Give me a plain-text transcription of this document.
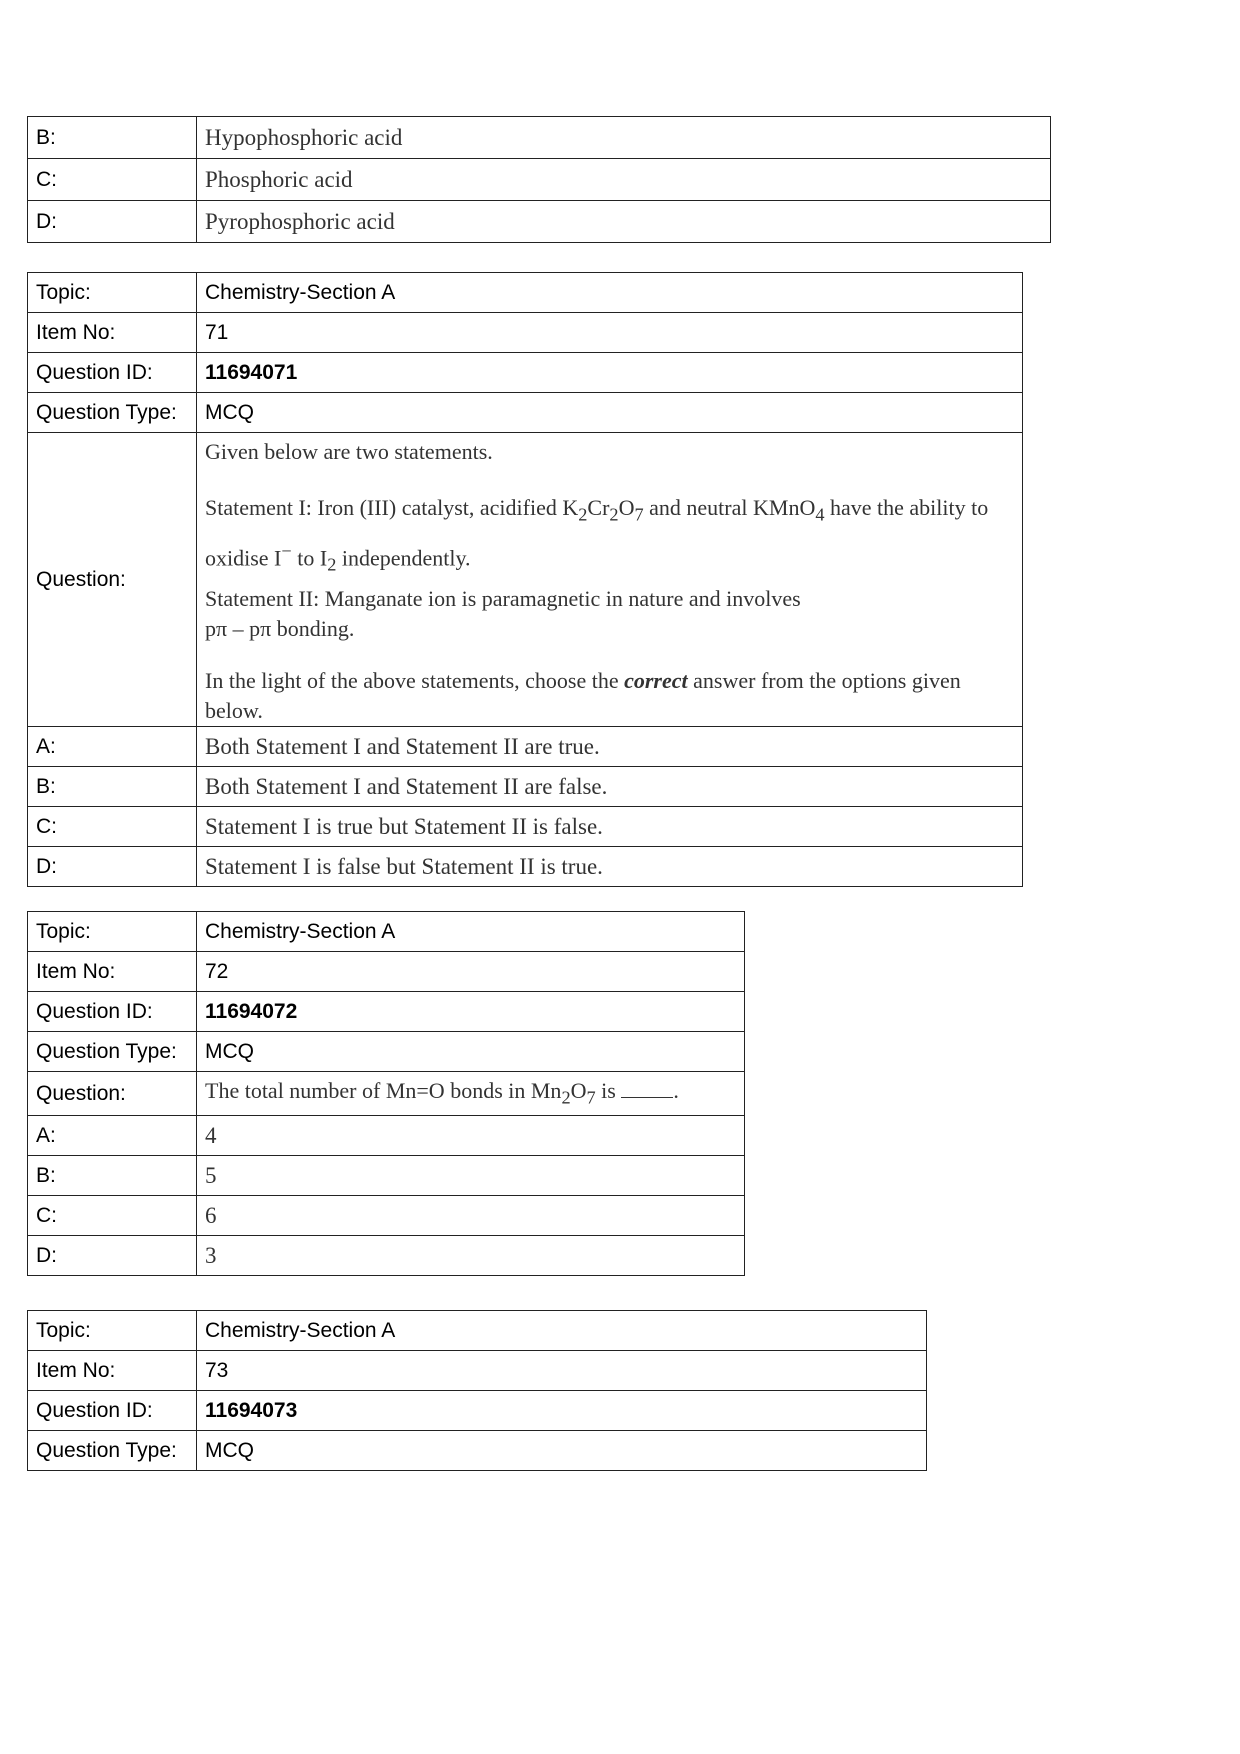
B:	Hypophosphoric acid
C:	Phosphoric acid
D:	Pyrophosphoric acid
Topic:	Chemistry-Section A
Item No:	71
Question ID:	11694071
Question Type:	MCQ
Question:	Given below are two statements.

Statement I: Iron (III) catalyst, acidified $K_2Cr_2O_7$ and neutral KMnO$_4$ have the ability to oxidise I− to $I_2$ independently.

Statement II: Manganate ion is paramagnetic in nature and involves
pπ – pπ bonding.

In the light of the above statements, choose the correct answer from the options given below.

A:	Both Statement I and Statement II are true.
B:	Both Statement I and Statement II are false.
C:	Statement I is true but Statement II is false.
D:	Statement I is false but Statement II is true.
Topic:	Chemistry-Section A
Item No:	72
Question ID:	11694072
Question Type:	MCQ
Question:	The total number of Mn=O bonds in $Mn_2O_7$ is .
A:	4
B:	5
C:	6
D:	3
Topic:	Chemistry-Section A
Item No:	73
Question ID:	11694073
Question Type:	MCQ
